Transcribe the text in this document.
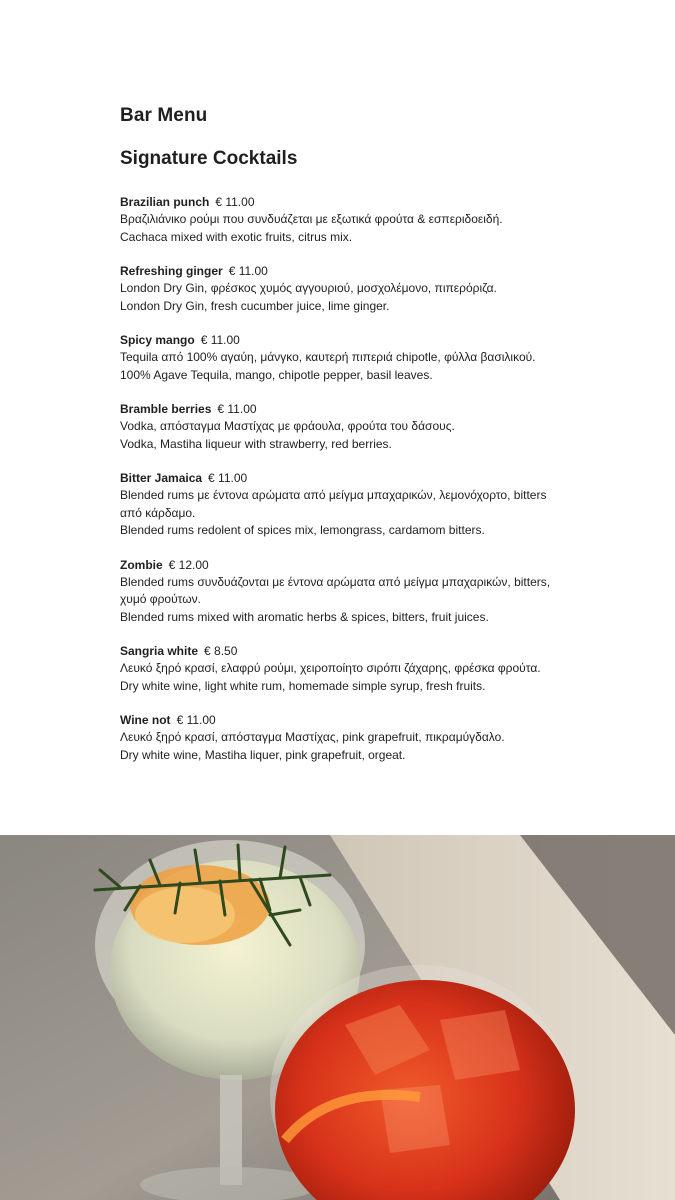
Bar Menu
Signature Cocktails
Brazilian punch € 11.00
Βραζιλιάνικο ρούμι που συνδυάζεται με εξωτικά φρούτα & εσπεριδοειδή.
Cachaca mixed with exotic fruits, citrus mix.
Refreshing ginger € 11.00
London Dry Gin, φρέσκος χυμός αγγουριού, μοσχολέμονο, πιπερόριζα.
London Dry Gin, fresh cucumber juice, lime ginger.
Spicy mango € 11.00
Tequila από 100% αγαύη, μάνγκο, καυτερή πιπεριά chipotle, φύλλα βασιλικού.
100% Agave Tequila, mango, chipotle pepper, basil leaves.
Bramble berries € 11.00
Vodka, απόσταγμα Μαστίχας με φράουλα, φρούτα του δάσους.
Vodka, Mastiha liqueur with strawberry, red berries.
Bitter Jamaica € 11.00
Blended rums με έντονα αρώματα από μείγμα μπαχαρικών, λεμονόχορτο, bitters
από κάρδαμο.
Blended rums redolent of spices mix, lemongrass, cardamom bitters.
Zombie € 12.00
Blended rums συνδυάζονται με έντονα αρώματα από μείγμα μπαχαρικών, bitters,
χυμό φρούτων.
Blended rums mixed with aromatic herbs & spices, bitters, fruit juices.
Sangria white € 8.50
Λευκό ξηρό κρασί, ελαφρύ ρούμι, χειροποίητο σιρόπι ζάχαρης, φρέσκα φρούτα.
Dry white wine, light white rum, homemade simple syrup, fresh fruits.
Wine not € 11.00
Λευκό ξηρό κρασί, απόσταγμα Μαστίχας, pink grapefruit, πικραμύγδαλο.
Dry white wine, Mastiha liquer, pink grapefruit, orgeat.
